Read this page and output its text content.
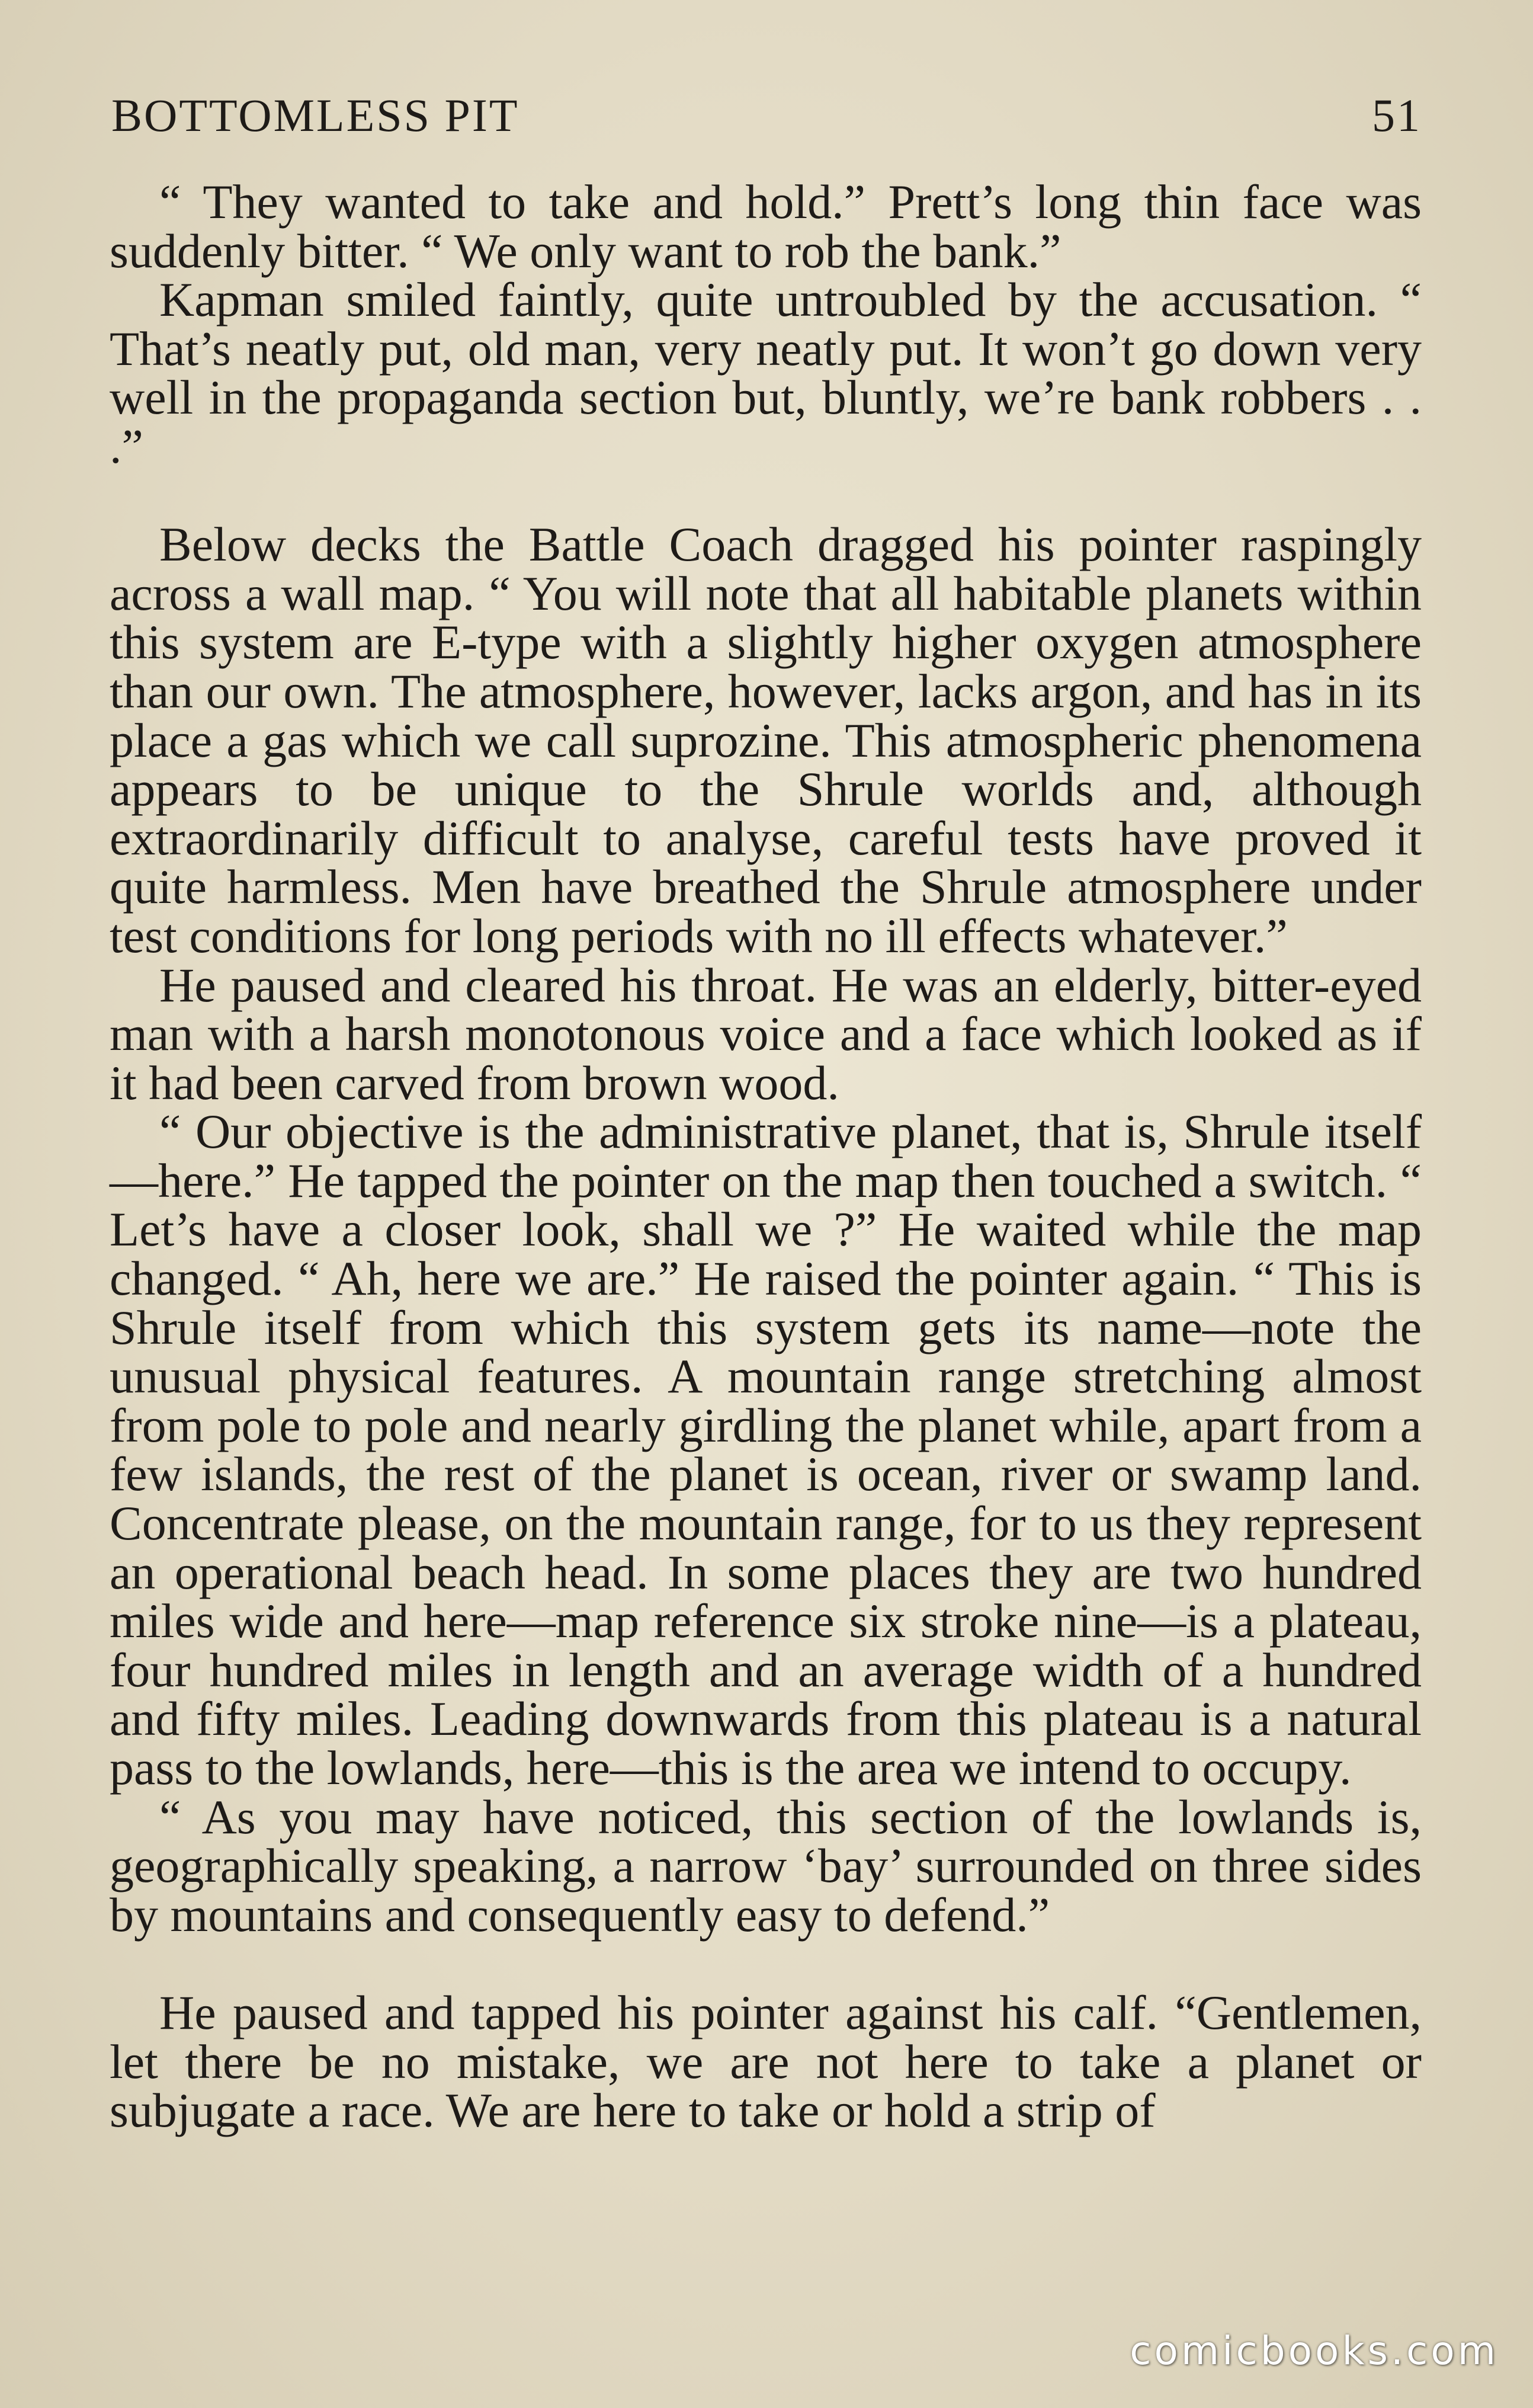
BOTTOMLESS PIT	51

“ They wanted to take and hold.” Prett’s long thin face was suddenly bitter. “ We only want to rob the bank.”

Kapman smiled faintly, quite untroubled by the accusation. “ That’s neatly put, old man, very neatly put. It won’t go down very well in the propaganda section but, bluntly, we’re bank robbers . . .”

Below decks the Battle Coach dragged his pointer raspingly across a wall map. “ You will note that all habitable planets within this system are E-type with a slightly higher oxygen atmosphere than our own. The atmosphere, however, lacks argon, and has in its place a gas which we call suprozine. This atmospheric phenomena appears to be unique to the Shrule worlds and, although extraordinarily difficult to analyse, careful tests have proved it quite harmless. Men have breathed the Shrule atmosphere under test conditions for long periods with no ill effects whatever.”

He paused and cleared his throat. He was an elderly, bitter-eyed man with a harsh monotonous voice and a face which looked as if it had been carved from brown wood.

“ Our objective is the administrative planet, that is, Shrule itself—here.” He tapped the pointer on the map then touched a switch. “ Let’s have a closer look, shall we ?” He waited while the map changed. “ Ah, here we are.” He raised the pointer again. “ This is Shrule itself from which this system gets its name—note the unusual physical features. A mountain range stretching almost from pole to pole and nearly girdling the planet while, apart from a few islands, the rest of the planet is ocean, river or swamp land. Concentrate please, on the mountain range, for to us they represent an operational beach head. In some places they are two hundred miles wide and here—map reference six stroke nine—is a plateau, four hundred miles in length and an average width of a hundred and fifty miles. Leading downwards from this plateau is a natural pass to the lowlands, here—this is the area we intend to occupy.

“ As you may have noticed, this section of the lowlands is, geographically speaking, a narrow ‘bay’ surrounded on three sides by mountains and consequently easy to defend.”

He paused and tapped his pointer against his calf. “Gentlemen, let there be no mistake, we are not here to take a planet or subjugate a race. We are here to take or hold a strip of

comicbooks.com
